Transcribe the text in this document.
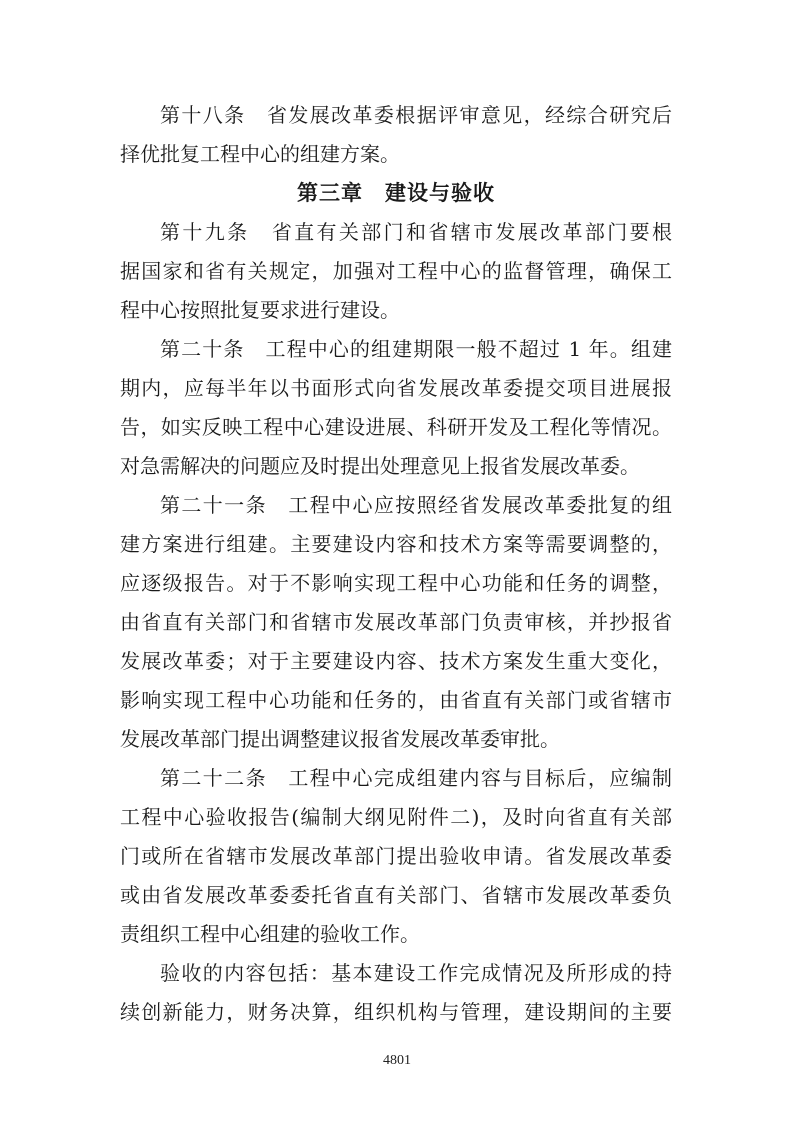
第十八条　省发展改革委根据评审意见，经综合研究后
择优批复工程中心的组建方案。
第三章　建设与验收
第十九条　省直有关部门和省辖市发展改革部门要根
据国家和省有关规定，加强对工程中心的监督管理，确保工
程中心按照批复要求进行建设。
第二十条　工程中心的组建期限一般不超过 1 年。组建
期内，应每半年以书面形式向省发展改革委提交项目进展报
告，如实反映工程中心建设进展、科研开发及工程化等情况。
对急需解决的问题应及时提出处理意见上报省发展改革委。
第二十一条　工程中心应按照经省发展改革委批复的组
建方案进行组建。主要建设内容和技术方案等需要调整的，
应逐级报告。对于不影响实现工程中心功能和任务的调整，
由省直有关部门和省辖市发展改革部门负责审核，并抄报省
发展改革委；对于主要建设内容、技术方案发生重大变化，
影响实现工程中心功能和任务的，由省直有关部门或省辖市
发展改革部门提出调整建议报省发展改革委审批。
第二十二条　工程中心完成组建内容与目标后，应编制
工程中心验收报告(编制大纲见附件二)，及时向省直有关部
门或所在省辖市发展改革部门提出验收申请。省发展改革委
或由省发展改革委委托省直有关部门、省辖市发展改革委负
责组织工程中心组建的验收工作。
验收的内容包括：基本建设工作完成情况及所形成的持
续创新能力，财务决算，组织机构与管理，建设期间的主要
4801
